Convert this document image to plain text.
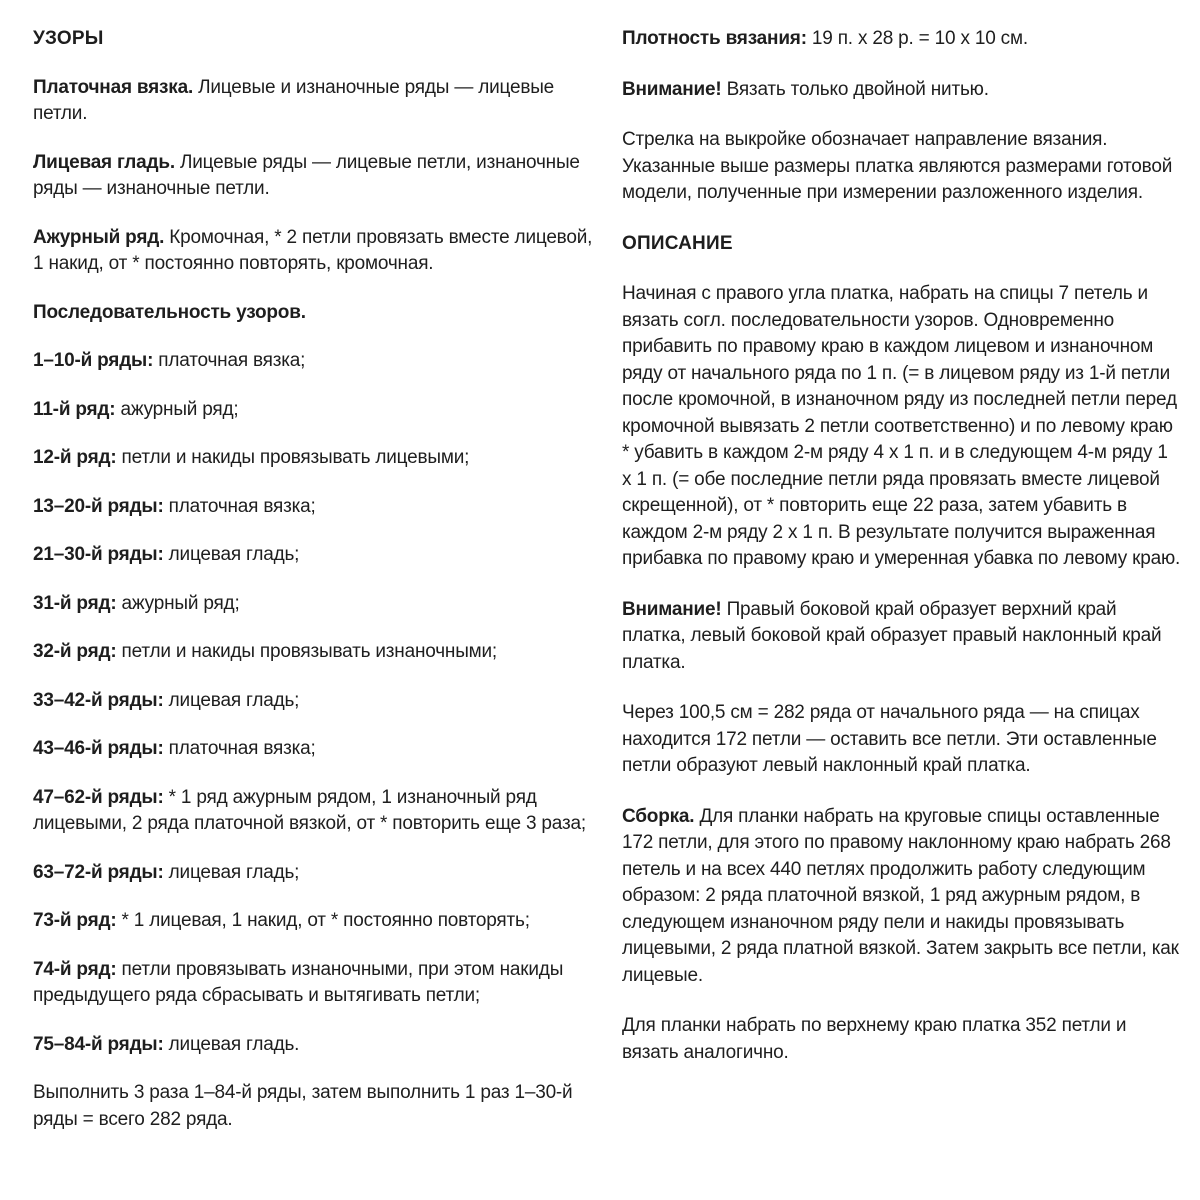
УЗОРЫ

Платочная вязка. Лицевые и изнаночные ряды — лицевые петли.

Лицевая гладь. Лицевые ряды — лицевые петли, изнаночные ряды — изнаночные петли.

Ажурный ряд. Кромочная, * 2 петли провязать вместе лицевой, 1 накид, от * постоянно повторять, кромочная.

Последовательность узоров.

1–10-й ряды: платочная вязка;

11-й ряд: ажурный ряд;

12-й ряд: петли и накиды провязывать лицевыми;

13–20-й ряды: платочная вязка;

21–30-й ряды: лицевая гладь;

31-й ряд: ажурный ряд;

32-й ряд: петли и накиды провязывать изнаночными;

33–42-й ряды: лицевая гладь;

43–46-й ряды: платочная вязка;

47–62-й ряды: * 1 ряд ажурным рядом, 1 изнаночный ряд лицевыми, 2 ряда платочной вязкой, от * повторить еще 3 раза;

63–72-й ряды: лицевая гладь;

73-й ряд: * 1 лицевая, 1 накид, от * постоянно повторять;

74-й ряд: петли провязывать изнаночными, при этом накиды предыдущего ряда сбрасывать и вытягивать петли;

75–84-й ряды: лицевая гладь.

Выполнить 3 раза 1–84-й ряды, затем выполнить 1 раз 1–30-й ряды = всего 282 ряда.

Плотность вязания: 19 п. х 28 р. = 10 х 10 см.

Внимание! Вязать только двойной нитью.

Стрелка на выкройке обозначает направление вязания. Указанные выше размеры платка являются размерами готовой модели, полученные при измерении разложенного изделия.

ОПИСАНИЕ

Начиная с правого угла платка, набрать на спицы 7 петель и вязать согл. последовательности узоров. Одновременно прибавить по правому краю в каждом лицевом и изнаночном ряду от начального ряда по 1 п. (= в лицевом ряду из 1-й петли после кромочной, в изнаночном ряду из последней петли перед кромочной вывязать 2 петли соответственно) и по левому краю * убавить в каждом 2-м ряду 4 х 1 п. и в следующем 4-м ряду 1 х 1 п. (= обе последние петли ряда провязать вместе лицевой скрещенной), от * повторить еще 22 раза, затем убавить в каждом 2-м ряду 2 х 1 п. В результате получится выраженная прибавка по правому краю и умеренная убавка по левому краю.

Внимание! Правый боковой край образует верхний край платка, левый боковой край образует правый наклонный край платка.

Через 100,5 см = 282 ряда от начального ряда — на спицах находится 172 петли — оставить все петли. Эти оставленные петли образуют левый наклонный край платка.

Сборка. Для планки набрать на круговые спицы оставленные 172 петли, для этого по правому наклонному краю набрать 268 петель и на всех 440 петлях продолжить работу следующим образом: 2 ряда платочной вязкой, 1 ряд ажурным рядом, в следующем изнаночном ряду пели и накиды провязывать лицевыми, 2 ряда платной вязкой. Затем закрыть все петли, как лицевые.

Для планки набрать по верхнему краю платка 352 петли и вязать аналогично.
